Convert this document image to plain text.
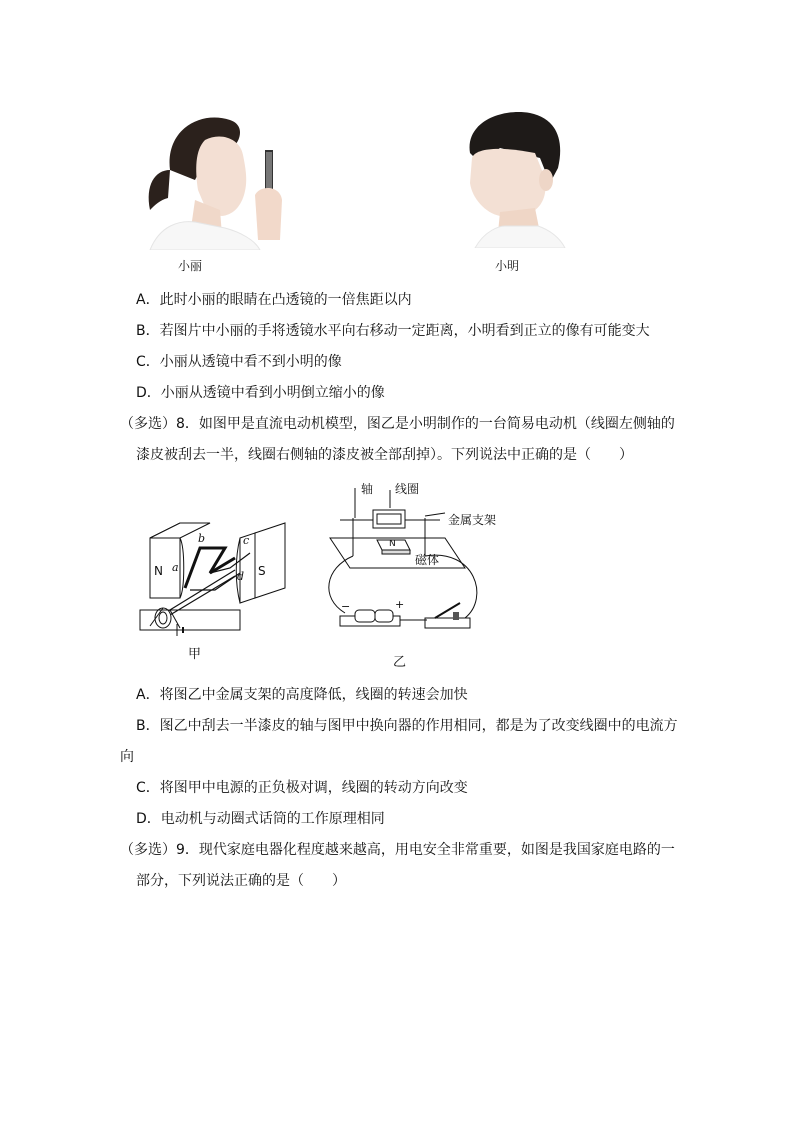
小丽	小明
A．此时小丽的眼睛在凸透镜的一倍焦距以内
B．若图片中小丽的手将透镜水平向右移动一定距离，小明看到正立的像有可能变大
C．小丽从透镜中看不到小明的像
D．小丽从透镜中看到小明倒立缩小的像
（多选）8．如图甲是直流电动机模型，图乙是小明制作的一台简易电动机（线圈左侧轴的
漆皮被刮去一半，线圈右侧轴的漆皮被全部刮掉）。下列说法中正确的是（　　）
N	S
a
b	c
d
甲
轴 线圈
金属支架
磁体
N
−	+
乙
A．将图乙中金属支架的高度降低，线圈的转速会加快
B．图乙中刮去一半漆皮的轴与图甲中换向器的作用相同，都是为了改变线圈中的电流方
向
C．将图甲中电源的正负极对调，线圈的转动方向改变
D．电动机与动圈式话筒的工作原理相同
（多选）9．现代家庭电器化程度越来越高，用电安全非常重要，如图是我国家庭电路的一
部分，下列说法正确的是（　　）
